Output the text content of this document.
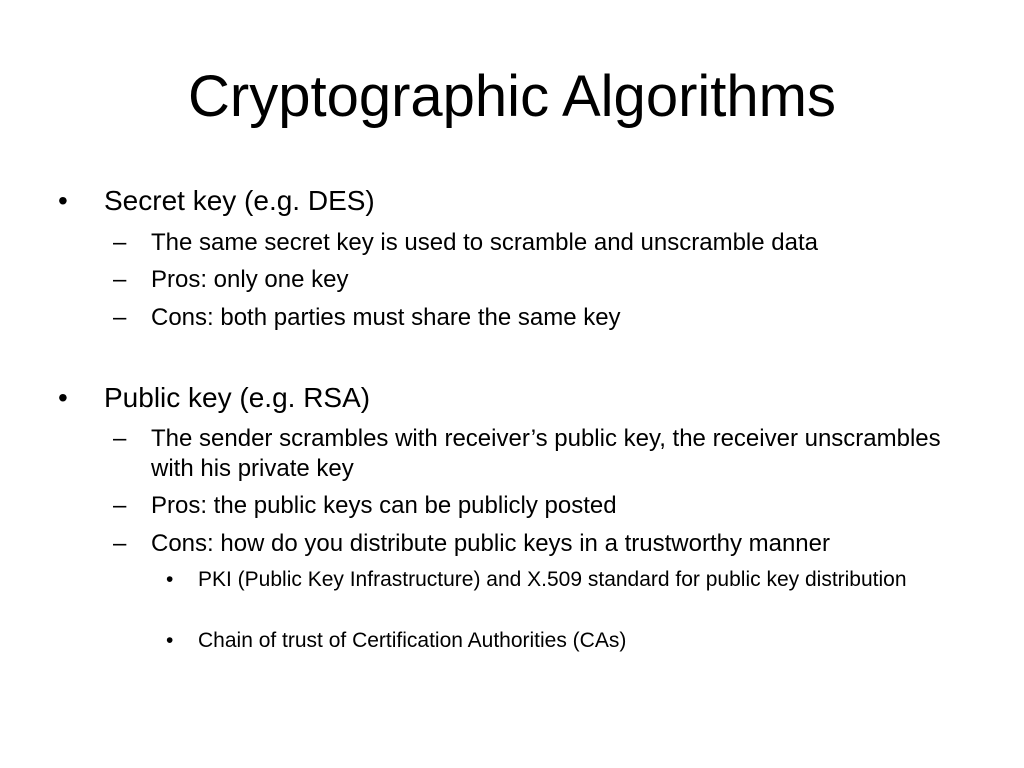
Cryptographic Algorithms
• Secret key (e.g. DES)
– The same secret key is used to scramble and unscramble data
– Pros: only one key
– Cons: both parties must share the same key
• Public key (e.g. RSA)
– The sender scrambles with receiver’s public key, the receiver unscrambles with his private key
– Pros: the public keys can be publicly posted
– Cons: how do you distribute public keys in a trustworthy manner
• PKI (Public Key Infrastructure) and X.509 standard for public key distribution
• Chain of trust of Certification Authorities (CAs)
